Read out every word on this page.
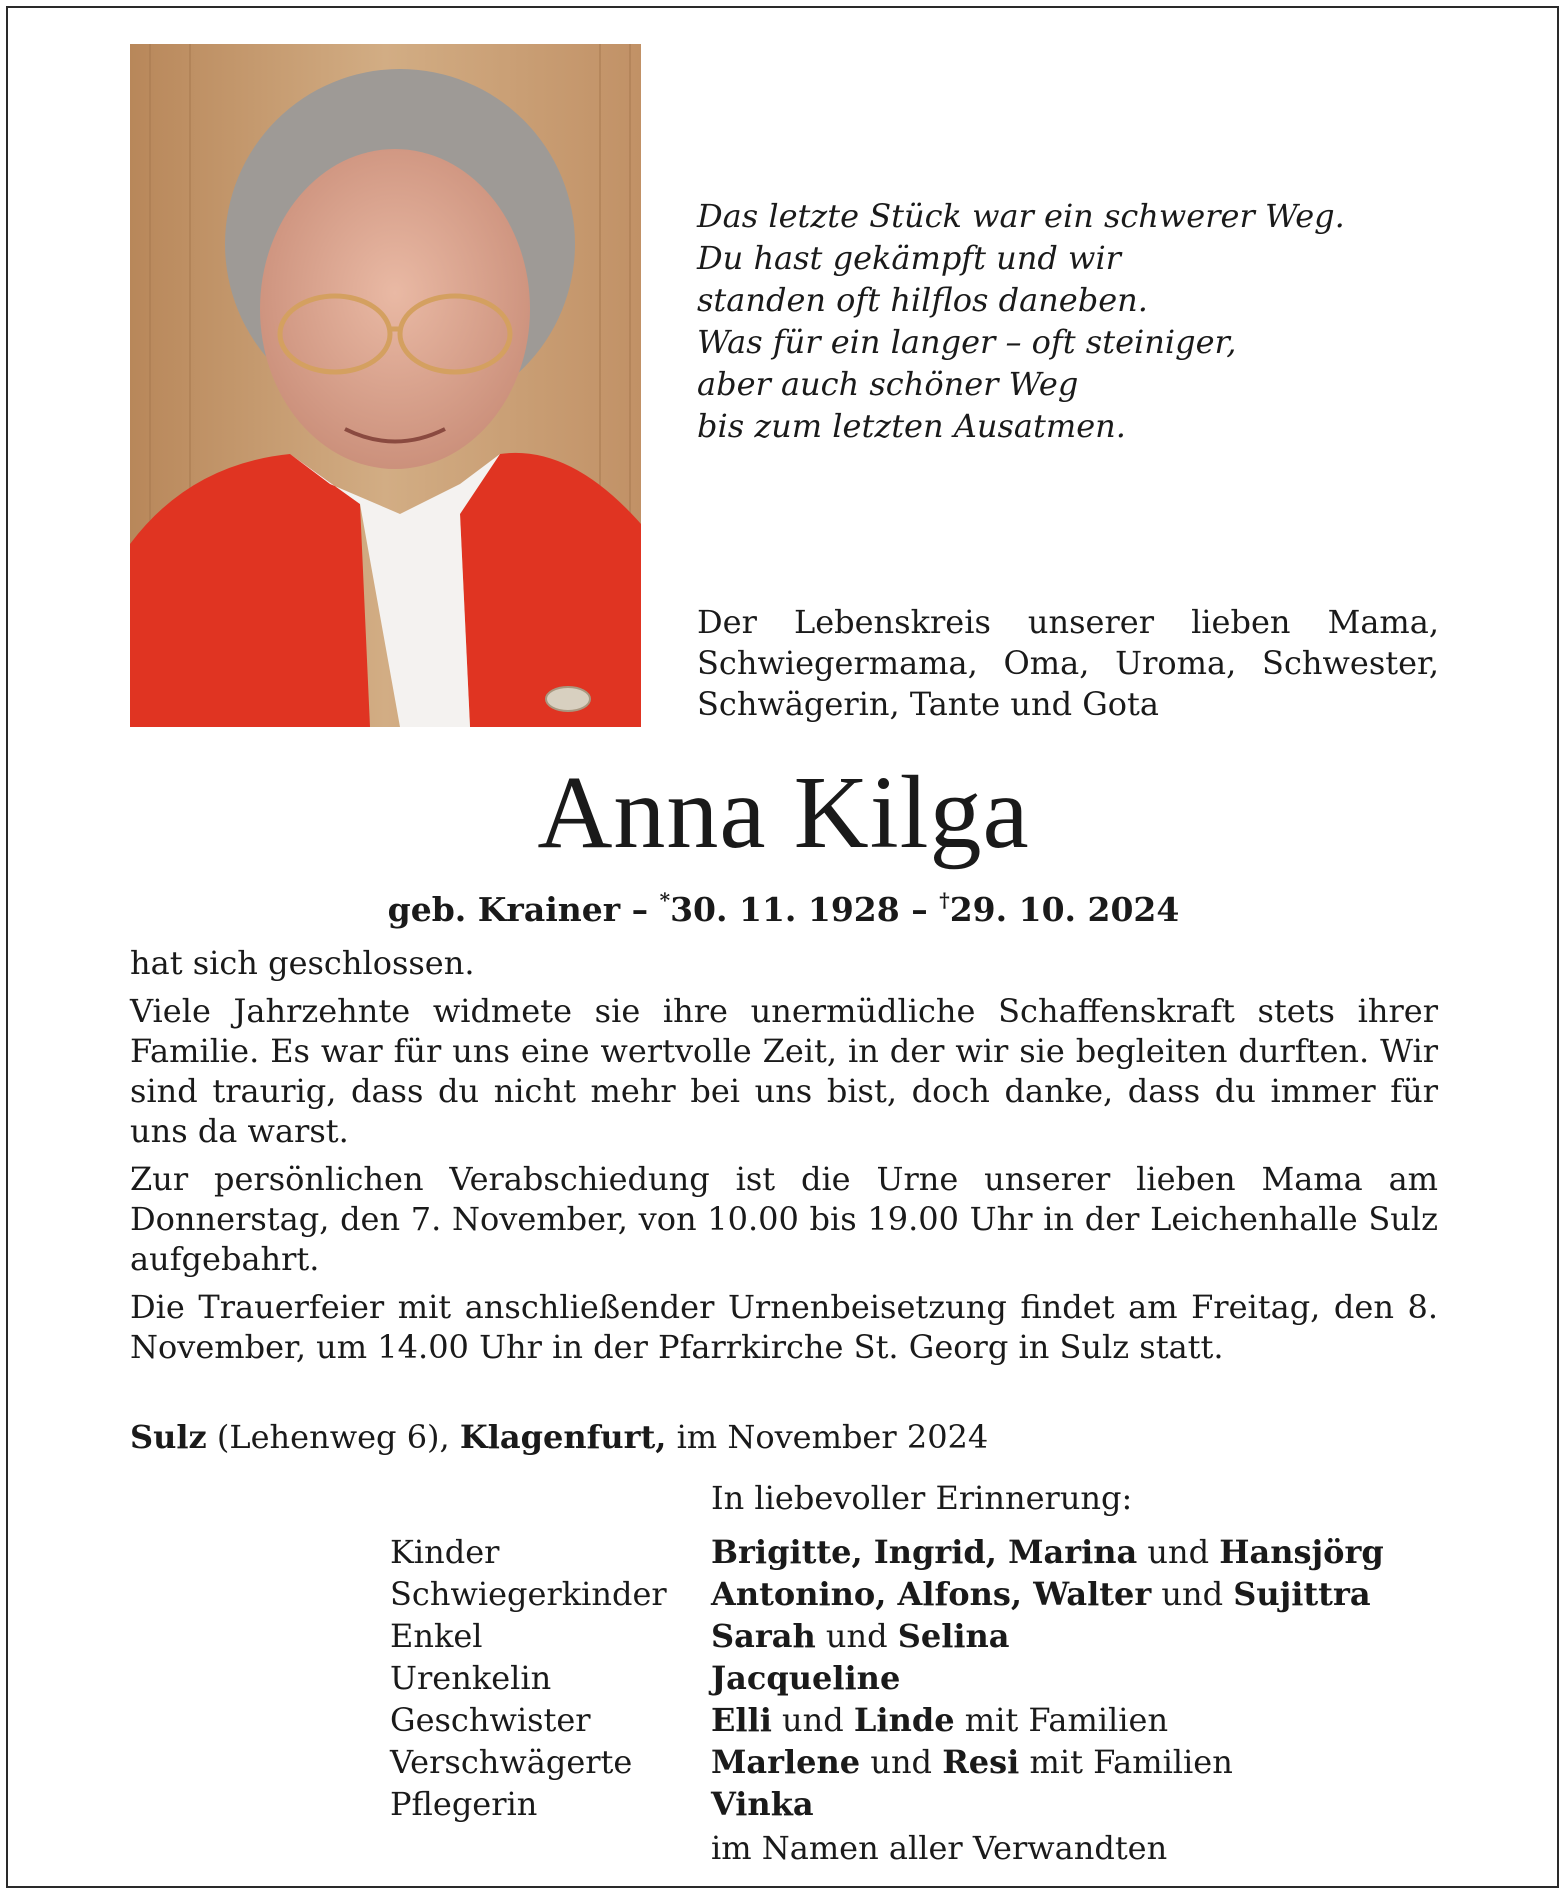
Das letzte Stück war ein schwerer Weg.
Du hast gekämpft und wir
standen oft hilflos daneben.
Was für ein langer – oft steiniger,
aber auch schöner Weg
bis zum letzten Ausatmen.
Der Lebenskreis unserer lieben Mama, Schwiegermama, Oma, Uroma, Schwester, Schwägerin, Tante und Gota
Anna Kilga
geb. Krainer – *30. 11. 1928 – †29. 10. 2024

hat sich geschlossen.

Viele Jahrzehnte widmete sie ihre unermüdliche Schaffenskraft stets ihrer Familie. Es war für uns eine wertvolle Zeit, in der wir sie begleiten durften. Wir sind traurig, dass du nicht mehr bei uns bist, doch danke, dass du immer für uns da warst.

Zur persönlichen Verabschiedung ist die Urne unserer lieben Mama am Donnerstag, den 7. November, von 10.00 bis 19.00 Uhr in der Leichenhalle Sulz aufgebahrt.

Die Trauerfeier mit anschließender Urnenbeisetzung findet am Freitag, den 8. November, um 14.00 Uhr in der Pfarrkirche St. Georg in Sulz statt.

Sulz (Lehenweg 6), Klagenfurt, im November 2024
In liebevoller Erinnerung:
Kinder	Brigitte, Ingrid, Marina und Hansjörg
Schwiegerkinder	Antonino, Alfons, Walter und Sujittra
Enkel	Sarah und Selina
Urenkelin	Jacqueline
Geschwister	Elli und Linde mit Familien
Verschwägerte	Marlene und Resi mit Familien
Pflegerin	Vinka
im Namen aller Verwandten
